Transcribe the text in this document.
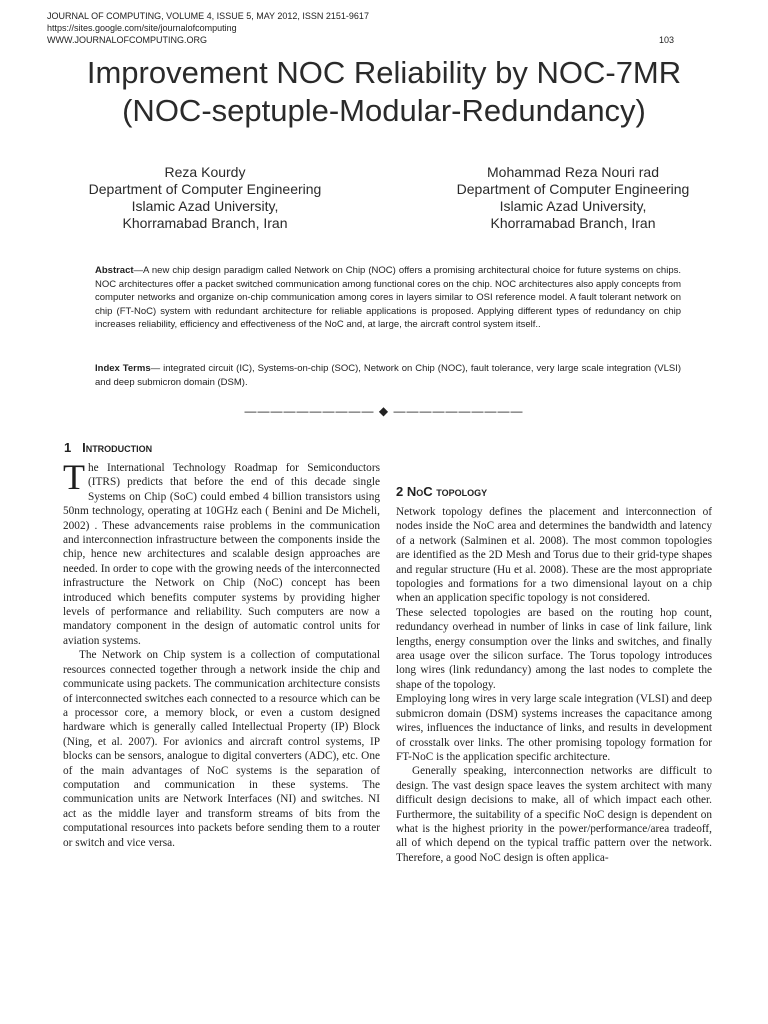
JOURNAL OF COMPUTING, VOLUME 4, ISSUE 5, MAY 2012, ISSN 2151-9617
https://sites.google.com/site/journalofcomputing
WWW.JOURNALOFCOMPUTING.ORG	103
Improvement NOC Reliability by NOC-7MR
(NOC-septuple-Modular-Redundancy)
Reza Kourdy
Department of Computer Engineering
Islamic Azad University,
Khorramabad Branch, Iran
Mohammad Reza Nouri rad
Department of Computer Engineering
Islamic Azad University,
Khorramabad Branch, Iran
Abstract—A new chip design paradigm called Network on Chip (NOC) offers a promising architectural choice for future systems on chips. NOC architectures offer a packet switched communication among functional cores on the chip. NOC architectures also apply concepts from computer networks and organize on-chip communication among cores in layers similar to OSI reference model. A fault tolerant network on chip (FT-NoC) system with redundant architecture for reliable applications is proposed. Applying different types of redundancy on chip increases reliability, efficiency and effectiveness of the NoC and, at large, the aircraft control system itself..
Index Terms— integrated circuit (IC), Systems-on-chip (SOC), Network on Chip (NOC), fault tolerance, very large scale integration (VLSI) and deep submicron domain (DSM).
—————————— ◆ ——————————
1 Introduction

The International Technology Roadmap for Semiconductors (ITRS) predicts that before the end of this decade single Systems on Chip (SoC) could embed 4 billion transistors using 50nm technology, operating at 10GHz each ( Benini and De Micheli, 2002) . These advancements raise problems in the communication and interconnection infrastructure between the components inside the chip, hence new architectures and scalable design approaches are needed. In order to cope with the growing needs of the interconnected infrastructure the Network on Chip (NoC) concept has been introduced which benefits computer systems by providing higher levels of performance and reliability. Such computers are now a mandatory component in the design of automatic control units for aviation systems.

The Network on Chip system is a collection of computational resources connected together through a network inside the chip and communicate using packets. The communication architecture consists of interconnected switches each connected to a resource which can be a processor core, a memory block, or even a custom designed hardware which is generally called Intellectual Property (IP) Block (Ning, et al. 2007). For avionics and aircraft control systems, IP blocks can be sensors, analogue to digital converters (ADC), etc. One of the main advantages of NoC systems is the separation of computation and communication in these systems. The communication units are Network Interfaces (NI) and switches. NI act as the middle layer and transform streams of bits from the computational resources into packets before sending them to a router or switch and vice versa.

2 NoC topology

Network topology defines the placement and interconnection of nodes inside the NoC area and determines the bandwidth and latency of a network (Salminen et al. 2008). The most common topologies are identified as the 2D Mesh and Torus due to their grid-type shapes and regular structure (Hu et al. 2008). These are the most appropriate topologies and formations for a two dimensional layout on a chip when an application specific topology is not considered.

These selected topologies are based on the routing hop count, redundancy overhead in number of links in case of link failure, link lengths, energy consumption over the links and switches, and finally area usage over the silicon surface. The Torus topology introduces long wires (link redundancy) among the last nodes to complete the shape of the topology.

Employing long wires in very large scale integration (VLSI) and deep submicron domain (DSM) systems increases the capacitance among wires, influences the inductance of links, and results in development of crosstalk over links. The other promising topology formation for FT-NoC is the application specific architecture.

Generally speaking, interconnection networks are difficult to design. The vast design space leaves the system architect with many difficult design decisions to make, all of which impact each other. Furthermore, the suitability of a specific NoC design is dependent on what is the highest priority in the power/performance/area tradeoff, all of which depend on the typical traffic pattern over the network. Therefore, a good NoC design is often applica-
